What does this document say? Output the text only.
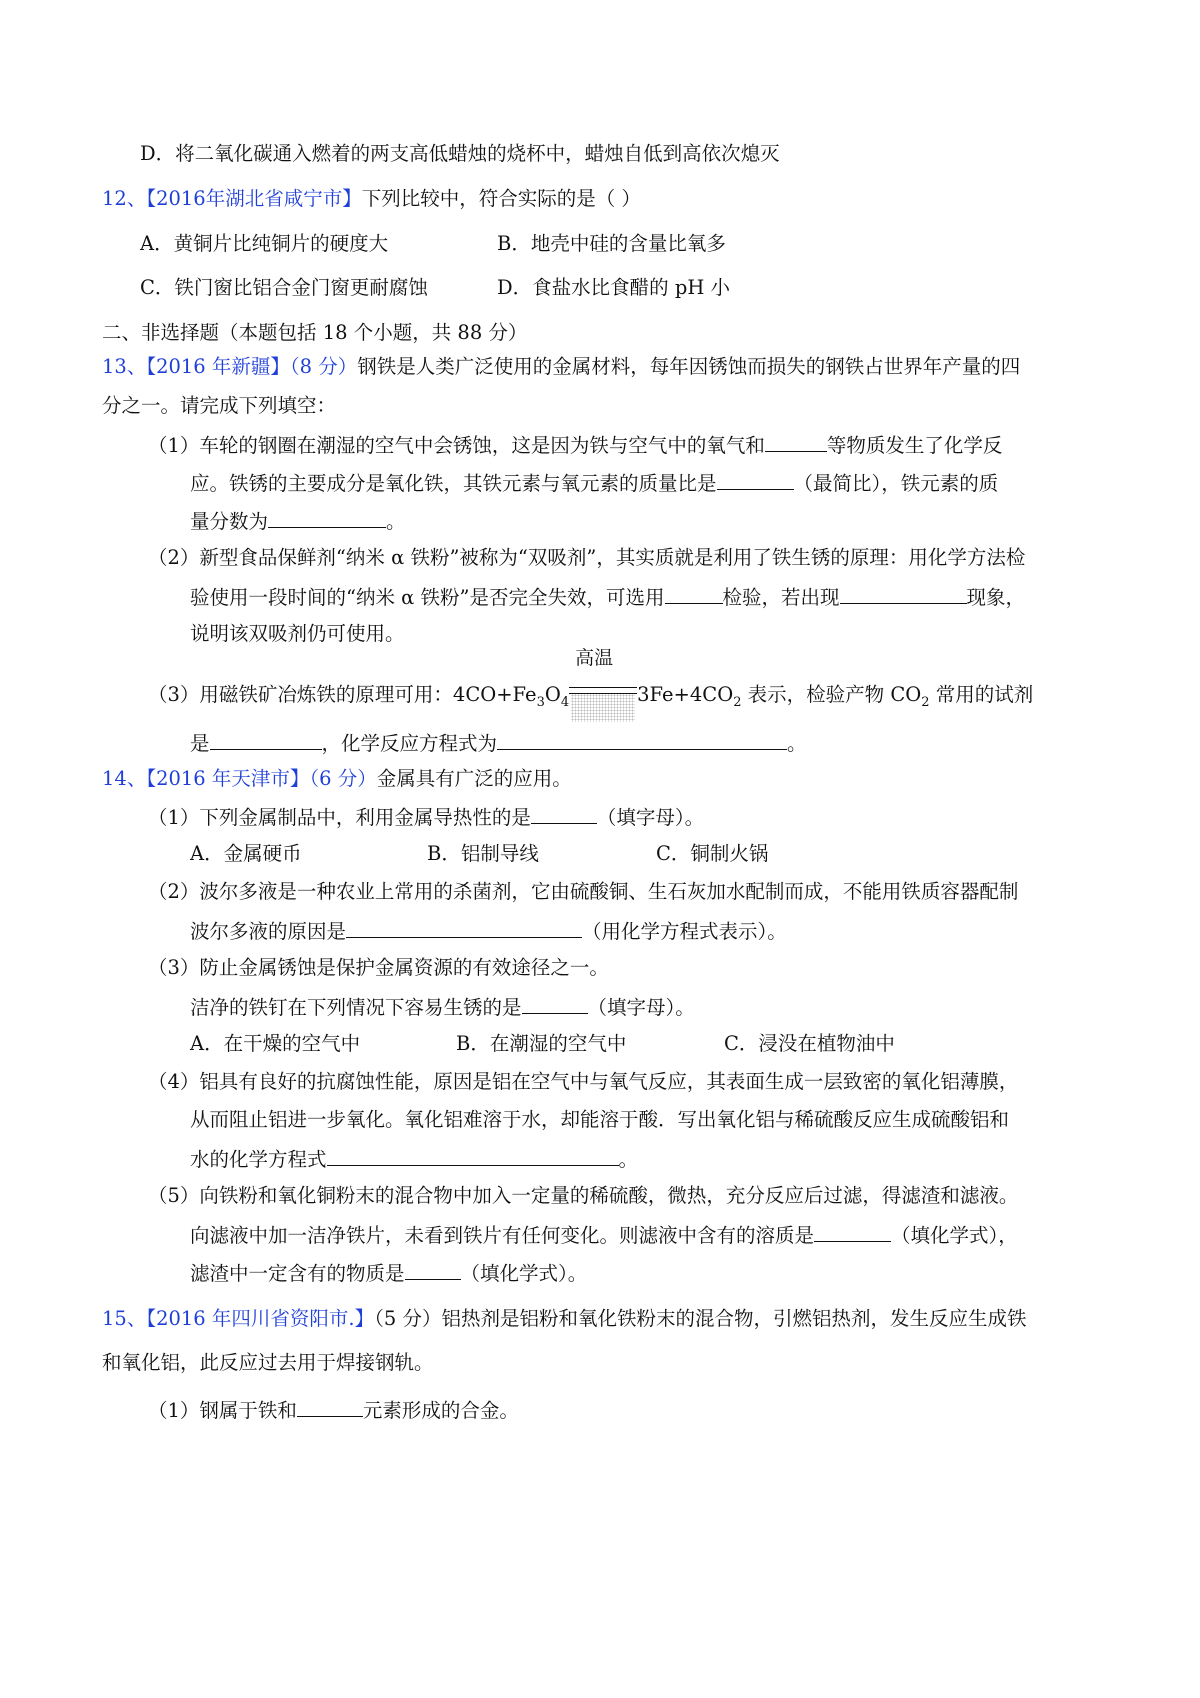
D．将二氧化碳通入燃着的两支高低蜡烛的烧杯中，蜡烛自低到高依次熄灭
12、【2016年湖北省咸宁市】下列比较中，符合实际的是（ ）
A．黄铜片比纯铜片的硬度大	B．地壳中硅的含量比氧多
C．铁门窗比铝合金门窗更耐腐蚀	D．食盐水比食醋的 pH 小
二、非选择题（本题包括 18 个小题，共 88 分）
13、【2016 年新疆】（8 分）钢铁是人类广泛使用的金属材料，每年因锈蚀而损失的钢铁占世界年产量的四
分之一。请完成下列填空：
（1）车轮的钢圈在潮湿的空气中会锈蚀，这是因为铁与空气中的氧气和	等物质发生了化学反
应。铁锈的主要成分是氧化铁，其铁元素与氧元素的质量比是	（最简比），铁元素的质
量分数为	。
（2）新型食品保鲜剂“纳米 α 铁粉”被称为“双吸剂”，其实质就是利用了铁生锈的原理：用化学方法检
验使用一段时间的“纳米 α 铁粉”是否完全失效，可选用	检验，若出现	现象，
说明该双吸剂仍可使用。
（3）用磁铁矿冶炼铁的原理可用：$4CO+Fe_3O_4$
高温
$3Fe+4CO_2$ 表示，检验产物 $CO_2$ 常用的试剂
是	，化学反应方程式为	。
14、【2016 年天津市】（6 分）金属具有广泛的应用。
（1）下列金属制品中，利用金属导热性的是	（填字母）。
A．金属硬币	B．铝制导线	C．铜制火锅
（2）波尔多液是一种农业上常用的杀菌剂，它由硫酸铜、生石灰加水配制而成，不能用铁质容器配制
波尔多液的原因是	（用化学方程式表示）。
（3）防止金属锈蚀是保护金属资源的有效途径之一。
洁净的铁钉在下列情况下容易生锈的是	（填字母）。
A．在干燥的空气中	B．在潮湿的空气中	C．浸没在植物油中
（4）铝具有良好的抗腐蚀性能，原因是铝在空气中与氧气反应，其表面生成一层致密的氧化铝薄膜，
从而阻止铝进一步氧化。氧化铝难溶于水，却能溶于酸．写出氧化铝与稀硫酸反应生成硫酸铝和
水的化学方程式	。
（5）向铁粉和氧化铜粉末的混合物中加入一定量的稀硫酸，微热，充分反应后过滤，得滤渣和滤液。
向滤液中加一洁净铁片，未看到铁片有任何变化。则滤液中含有的溶质是	（填化学式），
滤渣中一定含有的物质是	（填化学式）。
15、【2016 年四川省资阳市.】（5 分）铝热剂是铝粉和氧化铁粉末的混合物，引燃铝热剂，发生反应生成铁
和氧化铝，此反应过去用于焊接钢轨。
（1）钢属于铁和	元素形成的合金。
